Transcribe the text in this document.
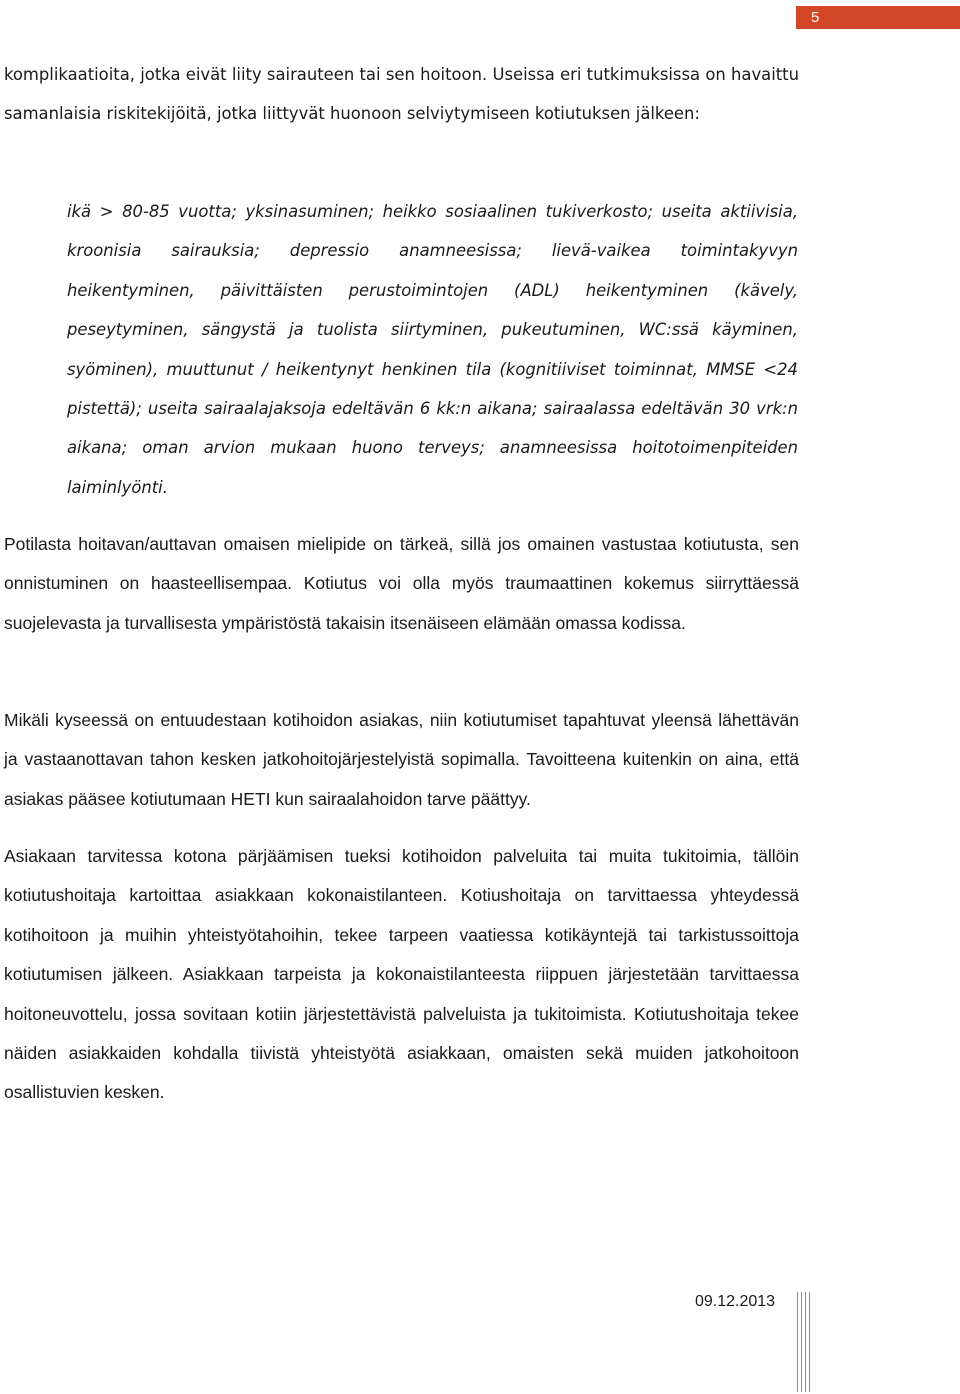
5

komplikaatioita, jotka eivät liity sairauteen tai sen hoitoon. Useissa eri tutkimuksissa on havaittu samanlaisia riskitekijöitä, jotka liittyvät huonoon selviytymiseen kotiutuksen jälkeen:

ikä > 80-85 vuotta; yksinasuminen; heikko sosiaalinen tukiverkosto; useita aktiivisia, kroonisia sairauksia; depressio anamneesissa; lievä-vaikea toimintakyvyn heikentyminen, päivittäisten perustoimintojen (ADL) heikentyminen (kävely, peseytyminen, sängystä ja tuolista siirtyminen, pukeutuminen, WC:ssä käyminen, syöminen), muuttunut / heikentynyt henkinen tila (kognitiiviset toiminnat, MMSE <24 pistettä); useita sairaalajaksoja edeltävän 6 kk:n aikana; sairaalassa edeltävän 30 vrk:n aikana; oman arvion mukaan huono terveys; anamneesissa hoitotoimenpiteiden laiminlyönti.

Potilasta hoitavan/auttavan omaisen mielipide on tärkeä, sillä jos omainen vastustaa kotiutusta, sen onnistuminen on haasteellisempaa. Kotiutus voi olla myös traumaattinen kokemus siirryttäessä suojelevasta ja turvallisesta ympäristöstä takaisin itsenäiseen elämään omassa kodissa.

Mikäli kyseessä on entuudestaan kotihoidon asiakas, niin kotiutumiset tapahtuvat yleensä lähettävän ja vastaanottavan tahon kesken jatkohoitojärjestelyistä sopimalla. Tavoitteena kuitenkin on aina, että asiakas pääsee kotiutumaan HETI kun sairaalahoidon tarve päättyy.

Asiakaan tarvitessa kotona pärjäämisen tueksi kotihoidon palveluita tai muita tukitoimia, tällöin kotiutushoitaja kartoittaa asiakkaan kokonaistilanteen. Kotiushoitaja on tarvittaessa yhteydessä kotihoitoon ja muihin yhteistyötahoihin, tekee tarpeen vaatiessa kotikäyntejä tai tarkistussoittoja kotiutumisen jälkeen. Asiakkaan tarpeista ja kokonaistilanteesta riippuen järjestetään tarvittaessa hoitoneuvottelu, jossa sovitaan kotiin järjestettävistä palveluista ja tukitoimista. Kotiutushoitaja tekee näiden asiakkaiden kohdalla tiivistä yhteistyötä asiakkaan, omaisten sekä muiden jatkohoitoon osallistuvien kesken.

09.12.2013
